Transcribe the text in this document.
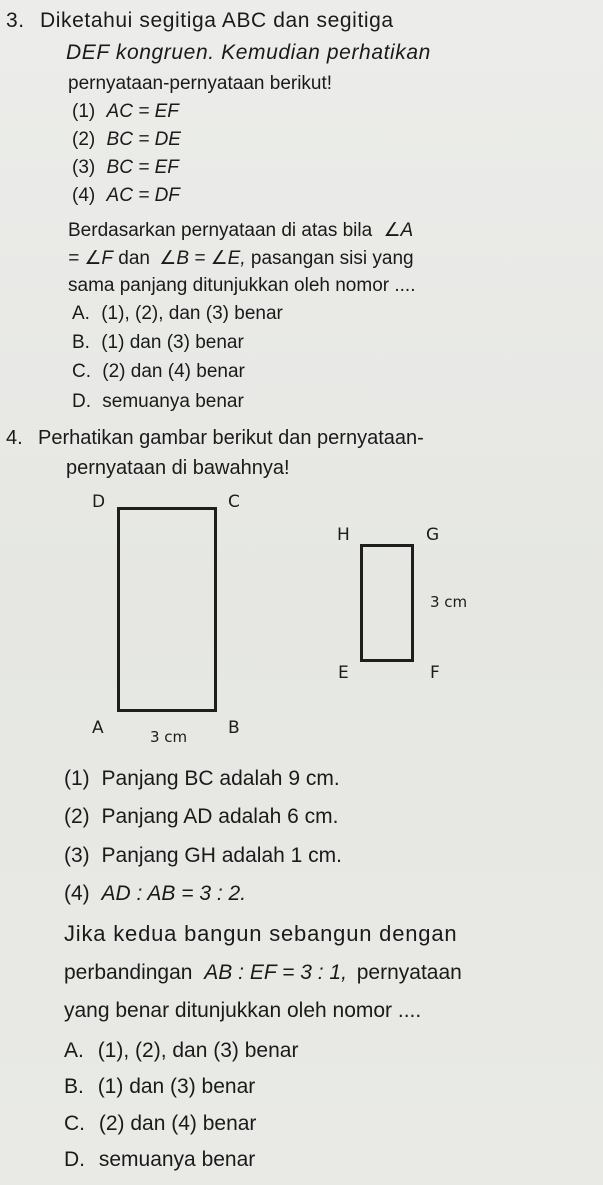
3. Diketahui segitiga ABC dan segitiga
DEF kongruen. Kemudian perhatikan
pernyataan-pernyataan berikut!
(1) AC = EF
(2) BC = DE
(3) BC = EF
(4) AC = DF
Berdasarkan pernyataan di atas bila ∠A
= ∠F dan ∠B = ∠E, pasangan sisi yang
sama panjang ditunjukkan oleh nomor ....
A. (1), (2), dan (3) benar
B. (1) dan (3) benar
C. (2) dan (4) benar
D. semuanya benar
4. Perhatikan gambar berikut dan pernyataan-
pernyataan di bawahnya!
D	C
A	B
3 cm
H	G
E	F
3 cm
(1) Panjang BC adalah 9 cm.
(2) Panjang AD adalah 6 cm.
(3) Panjang GH adalah 1 cm.
(4) AD : AB = 3 : 2.
Jika kedua bangun sebangun dengan
perbandingan AB : EF = 3 : 1, pernyataan
yang benar ditunjukkan oleh nomor ....
A. (1), (2), dan (3) benar
B. (1) dan (3) benar
C. (2) dan (4) benar
D. semuanya benar
